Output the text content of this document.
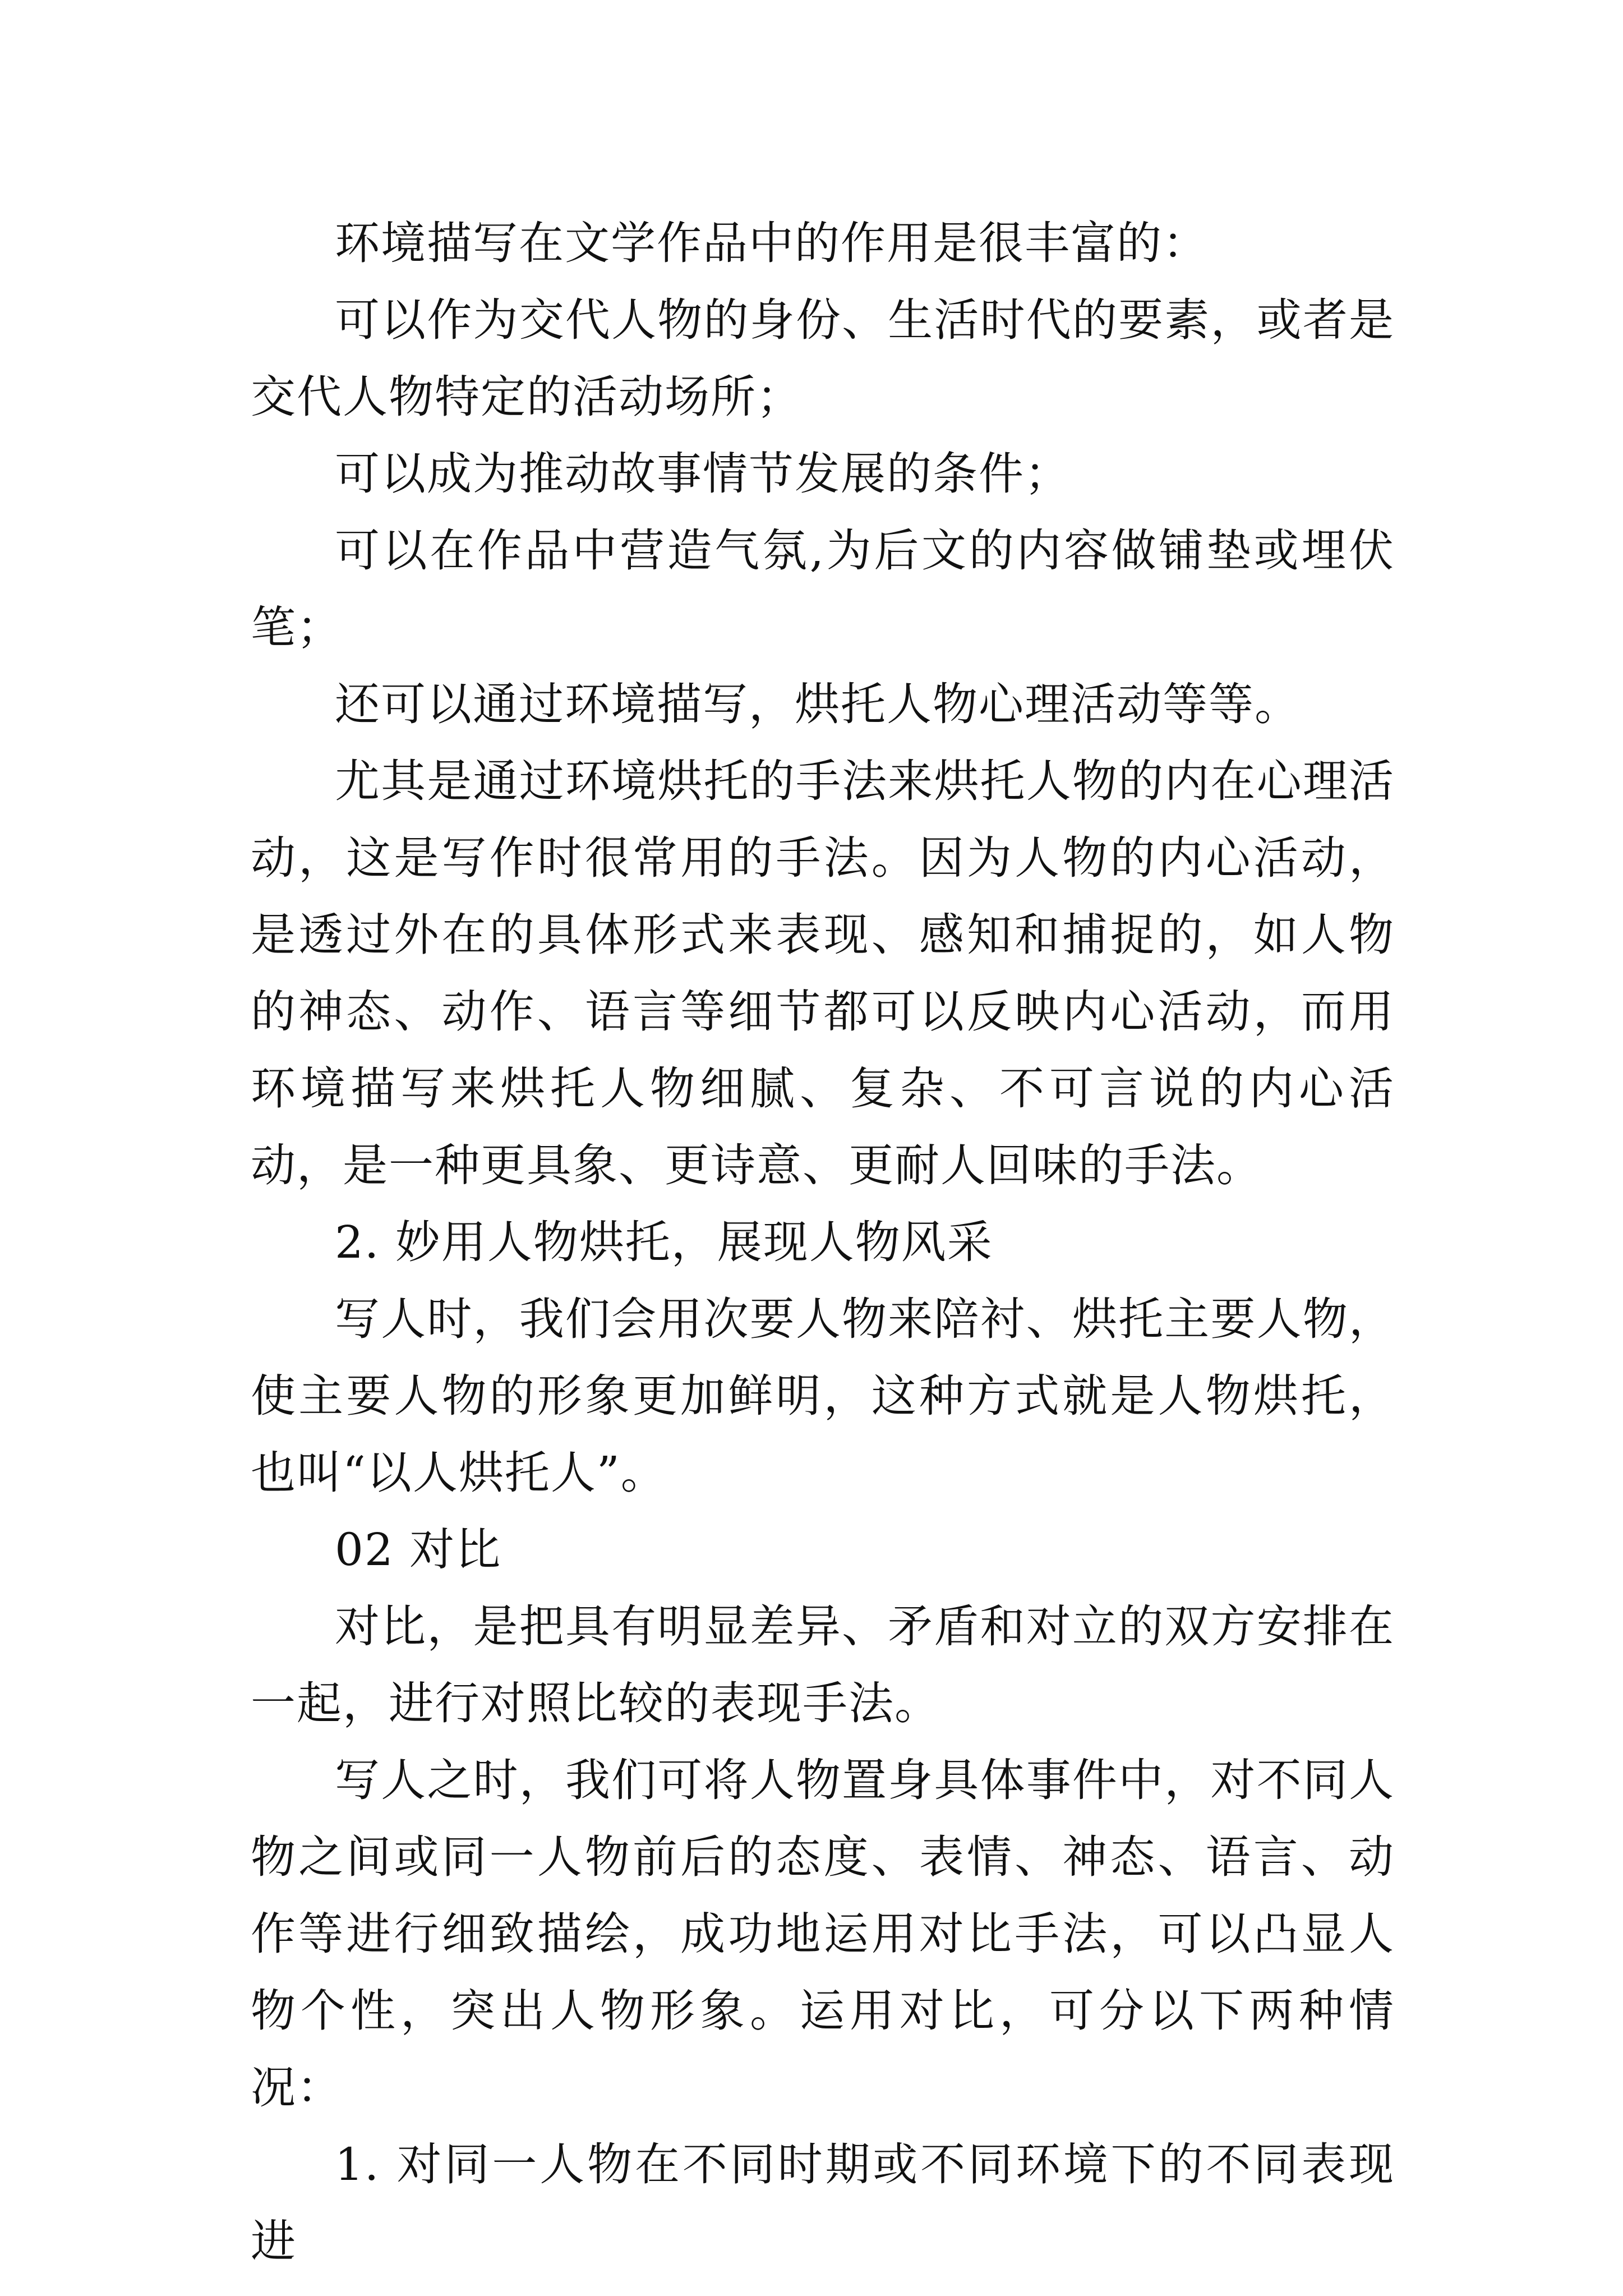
环境描写在文学作品中的作用是很丰富的：

可以作为交代人物的身份、生活时代的要素，或者是交代人物特定的活动场所；

可以成为推动故事情节发展的条件；

可以在作品中营造气氛,为后文的内容做铺垫或埋伏笔；

还可以通过环境描写，烘托人物心理活动等等。

尤其是通过环境烘托的手法来烘托人物的内在心理活动，这是写作时很常用的手法。因为人物的内心活动，是透过外在的具体形式来表现、感知和捕捉的，如人物的神态、动作、语言等细节都可以反映内心活动，而用环境描写来烘托人物细腻、复杂、不可言说的内心活动，是一种更具象、更诗意、更耐人回味的手法。

2. 妙用人物烘托，展现人物风采

写人时，我们会用次要人物来陪衬、烘托主要人物，使主要人物的形象更加鲜明，这种方式就是人物烘托，也叫“以人烘托人”。

02 对比

对比，是把具有明显差异、矛盾和对立的双方安排在一起，进行对照比较的表现手法。

写人之时，我们可将人物置身具体事件中，对不同人物之间或同一人物前后的态度、表情、神态、语言、动作等进行细致描绘，成功地运用对比手法，可以凸显人物个性，突出人物形象。运用对比，可分以下两种情况：

1. 对同一人物在不同时期或不同环境下的不同表现进
